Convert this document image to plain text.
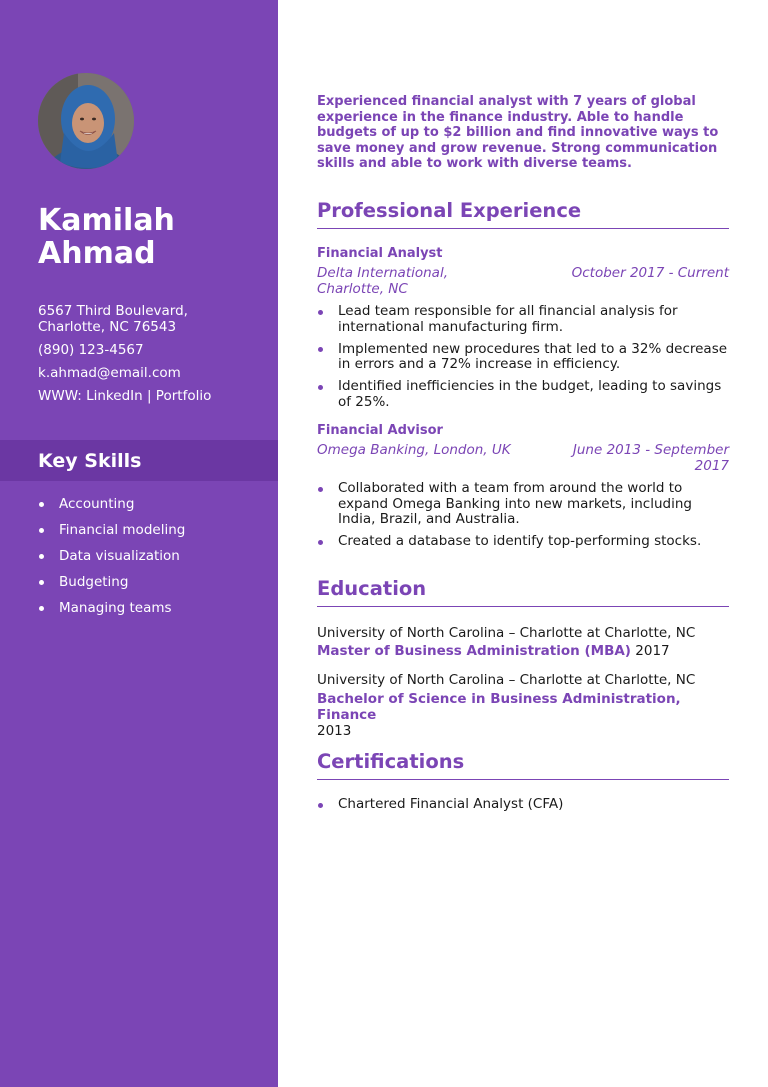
Kamilah Ahmad
6567 Third Boulevard,
Charlotte, NC 76543
(890) 123-4567
k.ahmad@email.com
WWW: LinkedIn | Portfolio
Key Skills
Accounting
Financial modeling
Data visualization
Budgeting
Managing teams
Experienced financial analyst with 7 years of global experience in the finance industry. Able to handle budgets of up to $2 billion and find innovative ways to save money and grow revenue. Strong communication skills and able to work with diverse teams.
Professional Experience
Financial Analyst
Delta International, Charlotte, NC
October 2017 - Current
Lead team responsible for all financial analysis for international manufacturing firm.
Implemented new procedures that led to a 32% decrease in errors and a 72% increase in efficiency.
Identified inefficiencies in the budget, leading to savings of 25%.
Financial Advisor
Omega Banking, London, UK	June 2013 - September 2017
Collaborated with a team from around the world to expand Omega Banking into new markets, including India, Brazil, and Australia.
Created a database to identify top-performing stocks.
Education
University of North Carolina – Charlotte at Charlotte, NC
Master of Business Administration (MBA) 2017
University of North Carolina – Charlotte at Charlotte, NC
Bachelor of Science in Business Administration, Finance
2013
Certifications
Chartered Financial Analyst (CFA)
